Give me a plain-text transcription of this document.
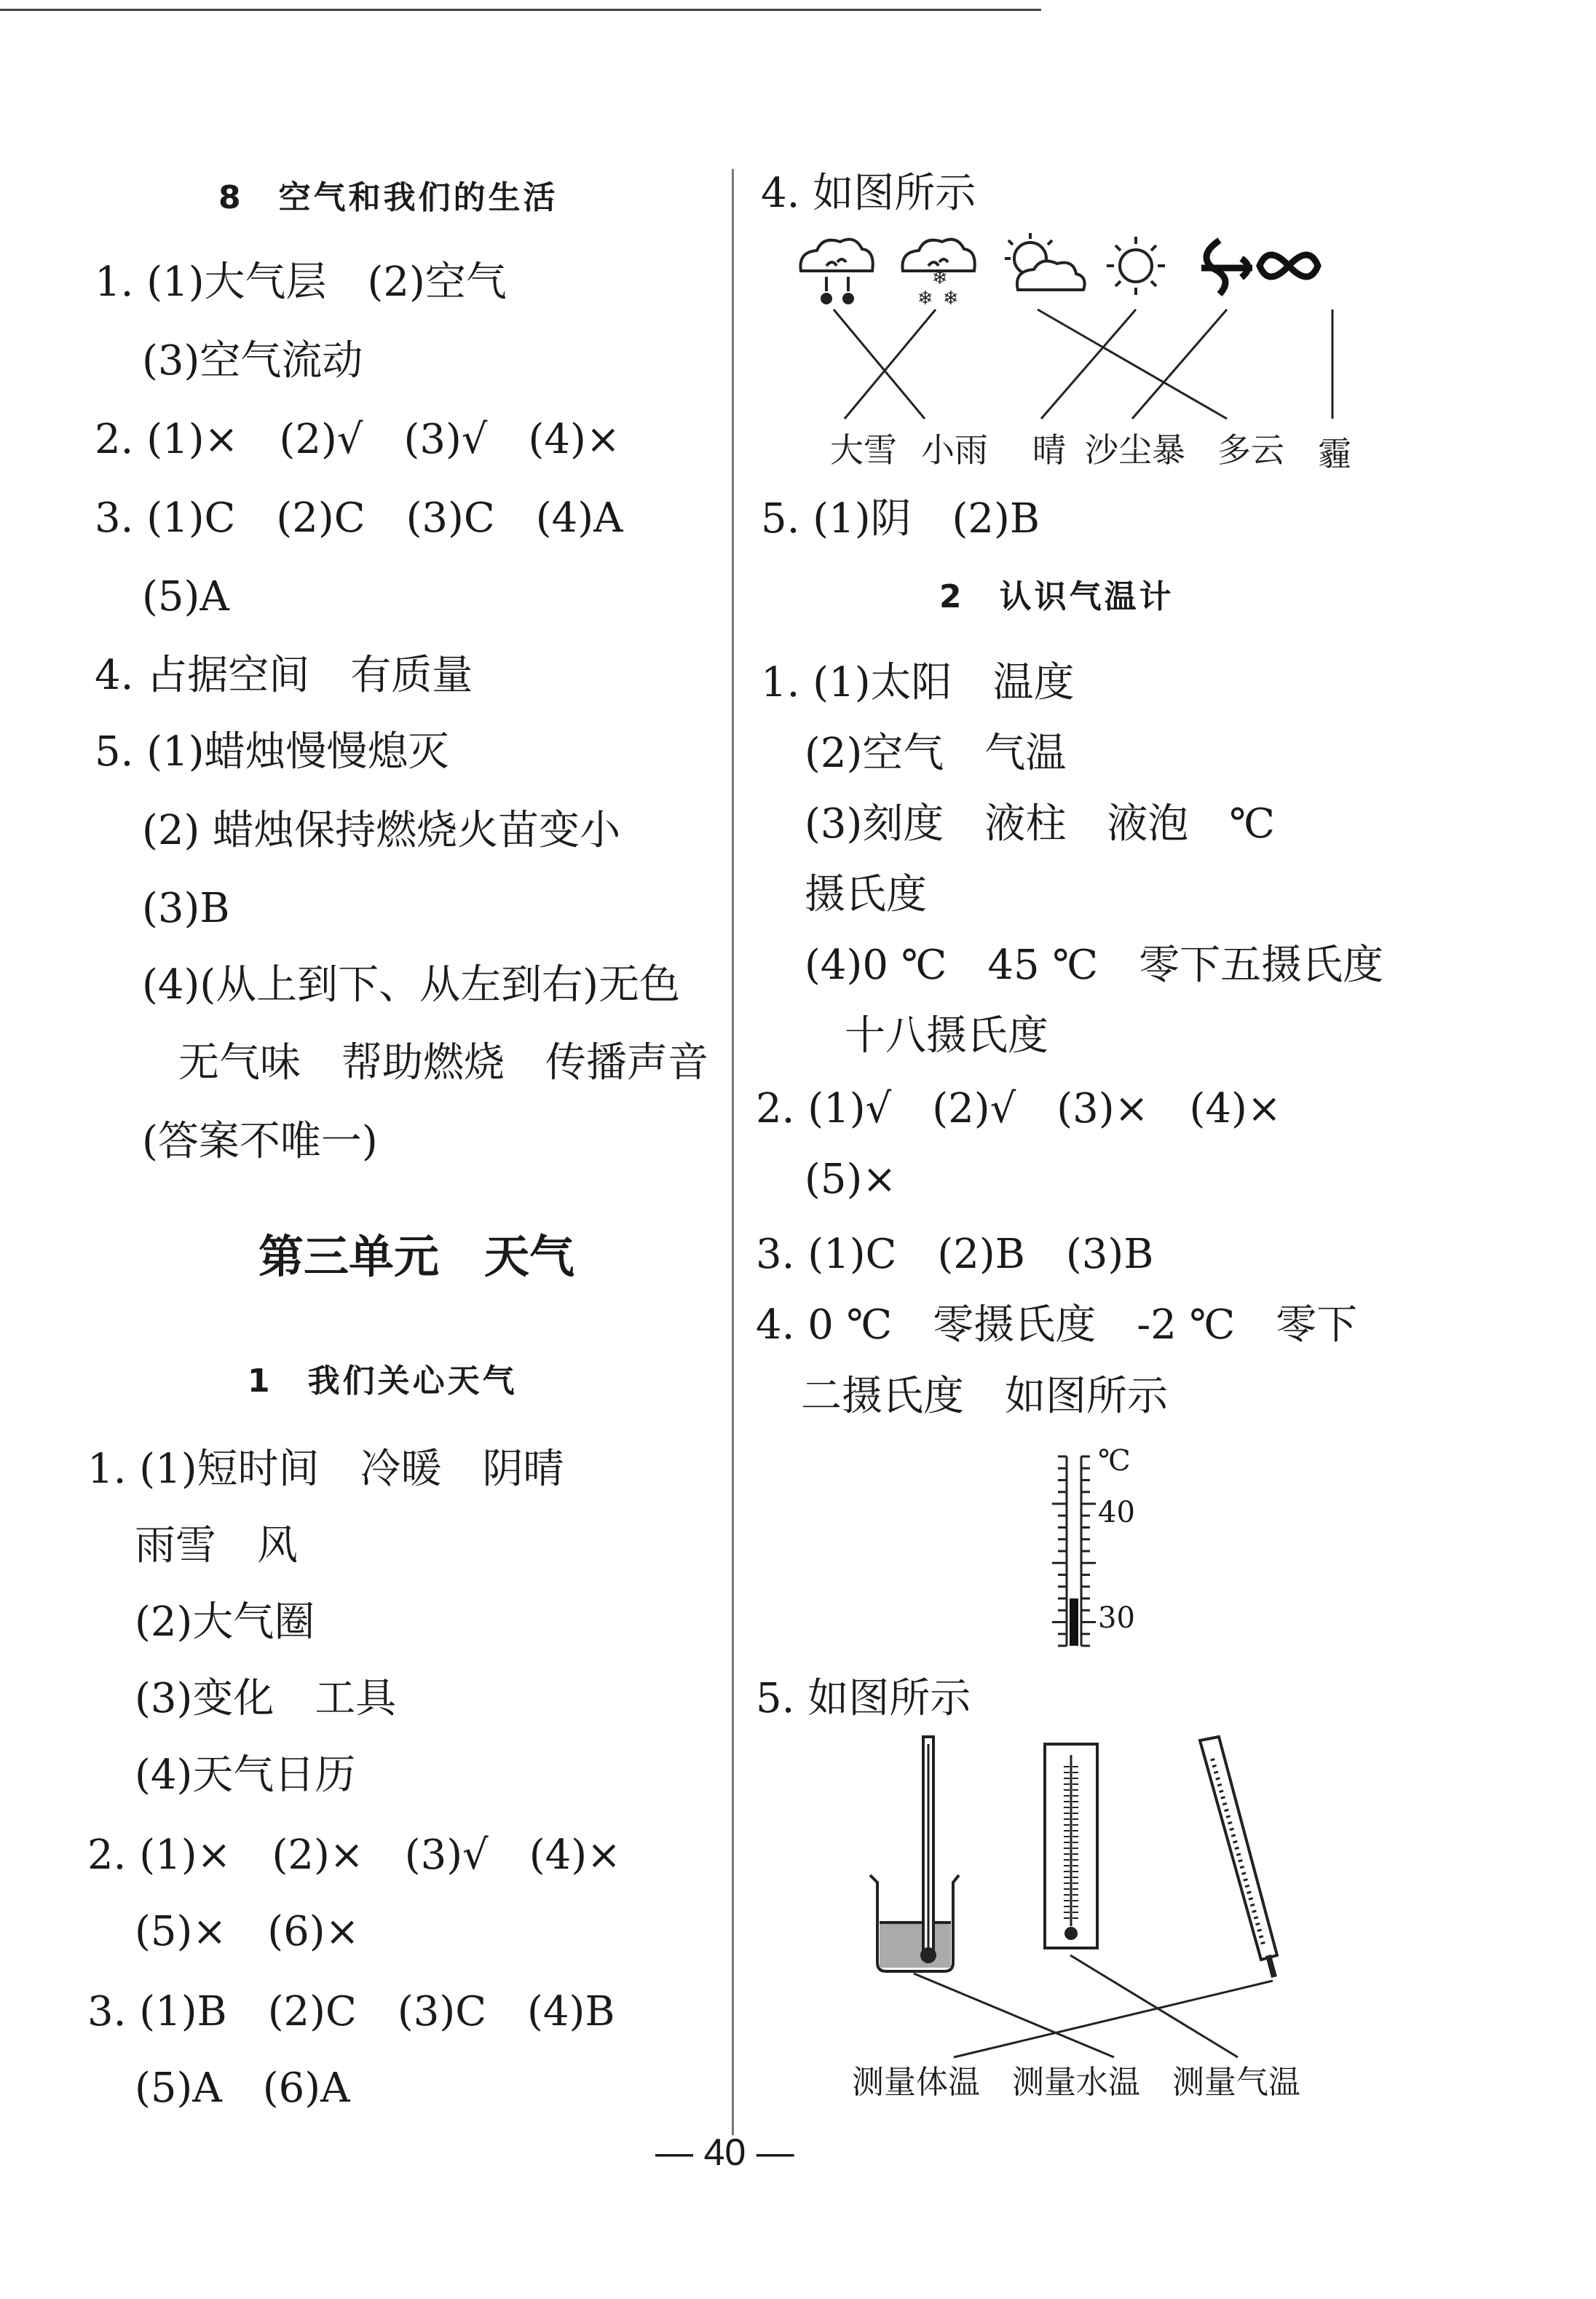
8　空气和我们的生活
1. (1)大气层　(2)空气
(3)空气流动
2. (1)×　(2)√　(3)√　(4)×
3. (1)C　(2)C　(3)C　(4)A
(5)A
4. 占据空间　有质量
5. (1)蜡烛慢慢熄灭
(2) 蜡烛保持燃烧火苗变小
(3)B
(4)(从上到下、从左到右)无色
无气味　帮助燃烧　传播声音
(答案不唯一)
第三单元　天气
1　我们关心天气
1. (1)短时间　冷暖　阴晴
雨雪　风
(2)大气圈
(3)变化　工具
(4)天气日历
2. (1)×　(2)×　(3)√　(4)×
(5)×　(6)×
3. (1)B　(2)C　(3)C　(4)B
(5)A　(6)A
4. 如图所示
❄
❄ ❄
大雪 小雨 晴 沙尘暴 多云 霾
5. (1)阴　(2)B
2　认识气温计
1. (1)太阳　温度
(2)空气　气温
(3)刻度　液柱　液泡　℃
摄氏度
(4)0 ℃　45 ℃　零下五摄氏度
十八摄氏度
2. (1)√　(2)√　(3)×　(4)×
(5)×
3. (1)C　(2)B　(3)B
4. 0 ℃　零摄氏度　-2 ℃　零下
二摄氏度　如图所示
℃
40
30
5. 如图所示
测量体温 测量水温 测量气温
— 40 —
